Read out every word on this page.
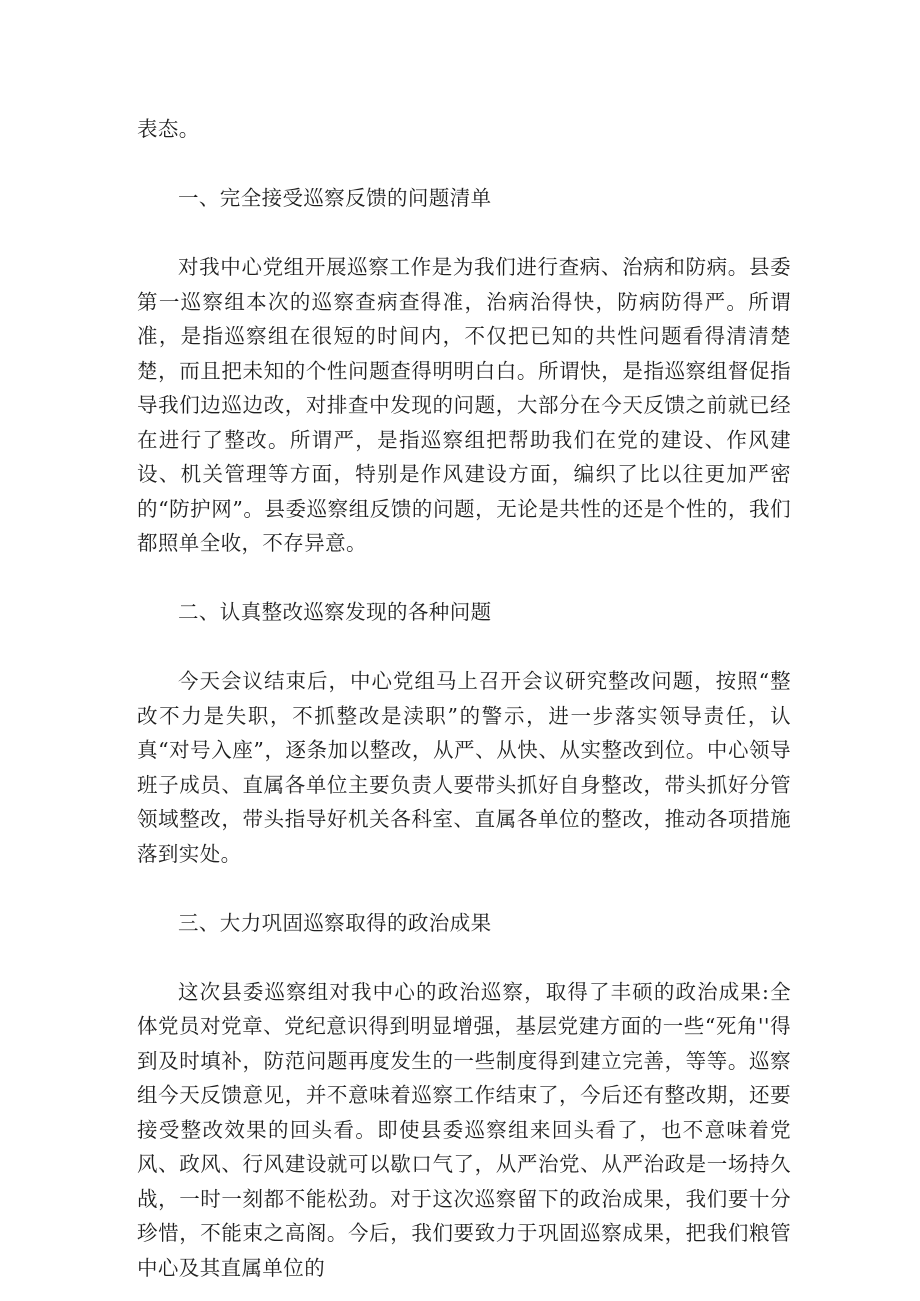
表态。

一、完全接受巡察反馈的问题清单

对我中心党组开展巡察工作是为我们进行查病、治病和防病。县委第一巡察组本次的巡察查病查得准，治病治得快，防病防得严。所谓准，是指巡察组在很短的时间内，不仅把已知的共性问题看得清清楚楚，而且把未知的个性问题查得明明白白。所谓快，是指巡察组督促指导我们边巡边改，对排查中发现的问题，大部分在今天反馈之前就已经在进行了整改。所谓严，是指巡察组把帮助我们在党的建设、作风建设、机关管理等方面，特别是作风建设方面，编织了比以往更加严密的“防护网”。县委巡察组反馈的问题，无论是共性的还是个性的，我们都照单全收，不存异意。

二、认真整改巡察发现的各种问题

今天会议结束后，中心党组马上召开会议研究整改问题，按照“整改不力是失职，不抓整改是渎职”的警示，进一步落实领导责任，认真“对号入座”，逐条加以整改，从严、从快、从实整改到位。中心领导班子成员、直属各单位主要负责人要带头抓好自身整改，带头抓好分管领域整改，带头指导好机关各科室、直属各单位的整改，推动各项措施落到实处。

三、大力巩固巡察取得的政治成果

这次县委巡察组对我中心的政治巡察，取得了丰硕的政治成果:全体党员对党章、党纪意识得到明显增强，基层党建方面的一些“死角''得到及时填补，防范问题再度发生的一些制度得到建立完善，等等。巡察组今天反馈意见，并不意味着巡察工作结束了，今后还有整改期，还要接受整改效果的回头看。即使县委巡察组来回头看了，也不意味着党风、政风、行风建设就可以歇口气了，从严治党、从严治政是一场持久战，一时一刻都不能松劲。对于这次巡察留下的政治成果，我们要十分珍惜，不能束之高阁。今后，我们要致力于巩固巡察成果，把我们粮管中心及其直属单位的
